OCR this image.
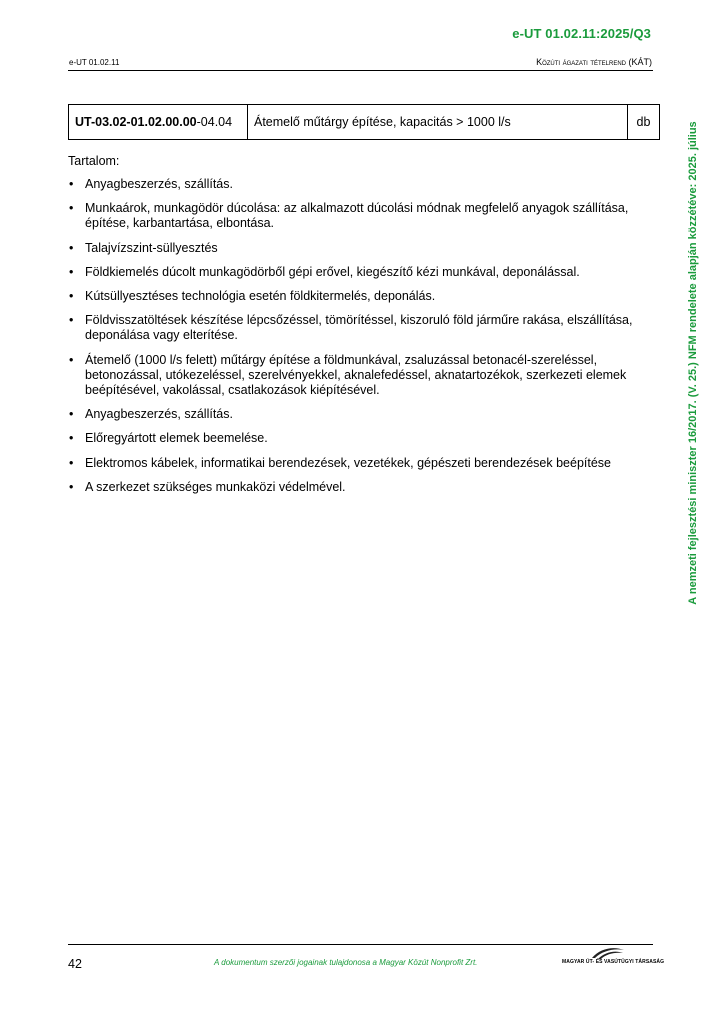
e-UT 01.02.11:2025/Q3
e-UT 01.02.11	Közúti ágazati tételrend (KÁT)
UT-03.02-01.02.00.00 -04.04	Átemelő műtárgy építése, kapacitás > 1000 l/s	db
Tartalom:
• Anyagbeszerzés, szállítás.
• Munkaárok, munkagödör dúcolása: az alkalmazott dúcolási módnak megfelelő anyagok szállítása, építése, karbantartása, elbontása.
• Talajvízszint-süllyesztés
• Földkiemelés dúcolt munkagödörből gépi erővel, kiegészítő kézi munkával, deponálással.
• Kútsüllyesztéses technológia esetén földkitermelés, deponálás.
• Földvisszatöltések készítése lépcsőzéssel, tömörítéssel, kiszoruló föld járműre rakása, elszállítása, deponálása vagy elterítése.
• Átemelő (1000 l/s felett) műtárgy építése a földmunkával, zsaluzással betonacél-szereléssel, betonozással, utókezeléssel, szerelvényekkel, aknalefedéssel, aknatartozékok, szerkezeti elemek beépítésével, vakolással, csatlakozások kiépítésével.
• Anyagbeszerzés, szállítás.
• Előregyártott elemek beemelése.
• Elektromos kábelek, informatikai berendezések, vezetékek, gépészeti berendezések beépítése
• A szerkezet szükséges munkaközi védelmével.	A nemzeti fejlesztési miniszter 16/2017. (V. 25.) NFM rendelete alapján közzétéve: 2025. július
42	A dokumentum szerzői jogainak tulajdonosa a Magyar Közút Nonprofit Zrt.	MAGYAR ÚT- ÉS VASÚTÜGYI TÁRSASÁG
